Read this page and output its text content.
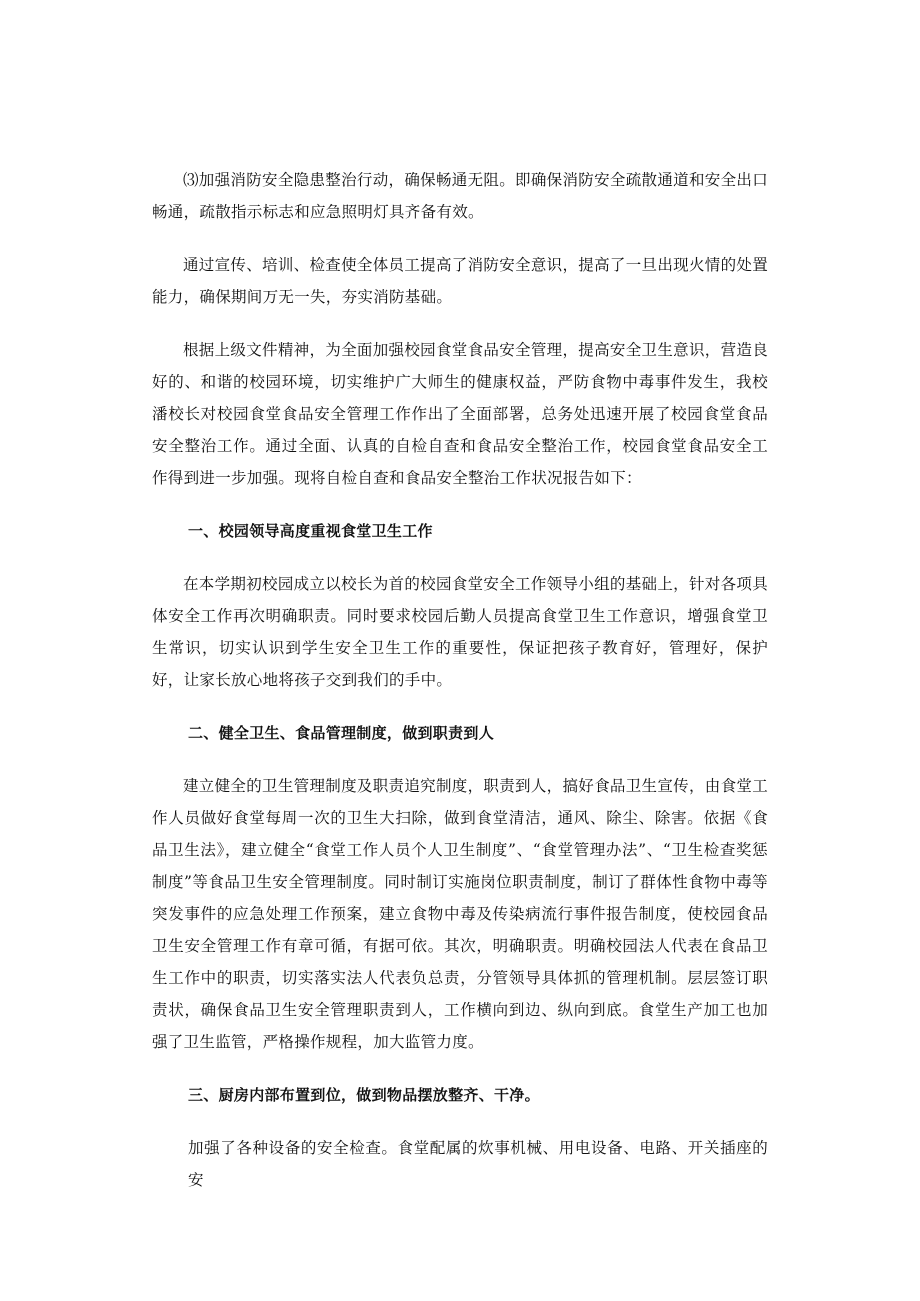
⑶加强消防安全隐患整治行动，确保畅通无阻。即确保消防安全疏散通道和安全出口畅通，疏散指示标志和应急照明灯具齐备有效。

通过宣传、培训、检查使全体员工提高了消防安全意识，提高了一旦出现火情的处置能力，确保期间万无一失，夯实消防基础。

根据上级文件精神，为全面加强校园食堂食品安全管理，提高安全卫生意识，营造良好的、和谐的校园环境，切实维护广大师生的健康权益，严防食物中毒事件发生，我校潘校长对校园食堂食品安全管理工作作出了全面部署，总务处迅速开展了校园食堂食品安全整治工作。通过全面、认真的自检自查和食品安全整治工作，校园食堂食品安全工作得到进一步加强。现将自检自查和食品安全整治工作状况报告如下：

一、校园领导高度重视食堂卫生工作

在本学期初校园成立以校长为首的校园食堂安全工作领导小组的基础上，针对各项具体安全工作再次明确职责。同时要求校园后勤人员提高食堂卫生工作意识，增强食堂卫生常识，切实认识到学生安全卫生工作的重要性，保证把孩子教育好，管理好，保护好，让家长放心地将孩子交到我们的手中。

二、健全卫生、食品管理制度，做到职责到人

建立健全的卫生管理制度及职责追究制度，职责到人，搞好食品卫生宣传，由食堂工作人员做好食堂每周一次的卫生大扫除，做到食堂清洁，通风、除尘、除害。依据《食品卫生法》，建立健全“食堂工作人员个人卫生制度”、“食堂管理办法”、“卫生检查奖惩制度”等食品卫生安全管理制度。同时制订实施岗位职责制度，制订了群体性食物中毒等突发事件的应急处理工作预案，建立食物中毒及传染病流行事件报告制度，使校园食品卫生安全管理工作有章可循，有据可依。其次，明确职责。明确校园法人代表在食品卫生工作中的职责，切实落实法人代表负总责，分管领导具体抓的管理机制。层层签订职责状，确保食品卫生安全管理职责到人，工作横向到边、纵向到底。食堂生产加工也加强了卫生监管，严格操作规程，加大监管力度。

三、厨房内部布置到位，做到物品摆放整齐、干净。

加强了各种设备的安全检查。食堂配属的炊事机械、用电设备、电路、开关插座的安
